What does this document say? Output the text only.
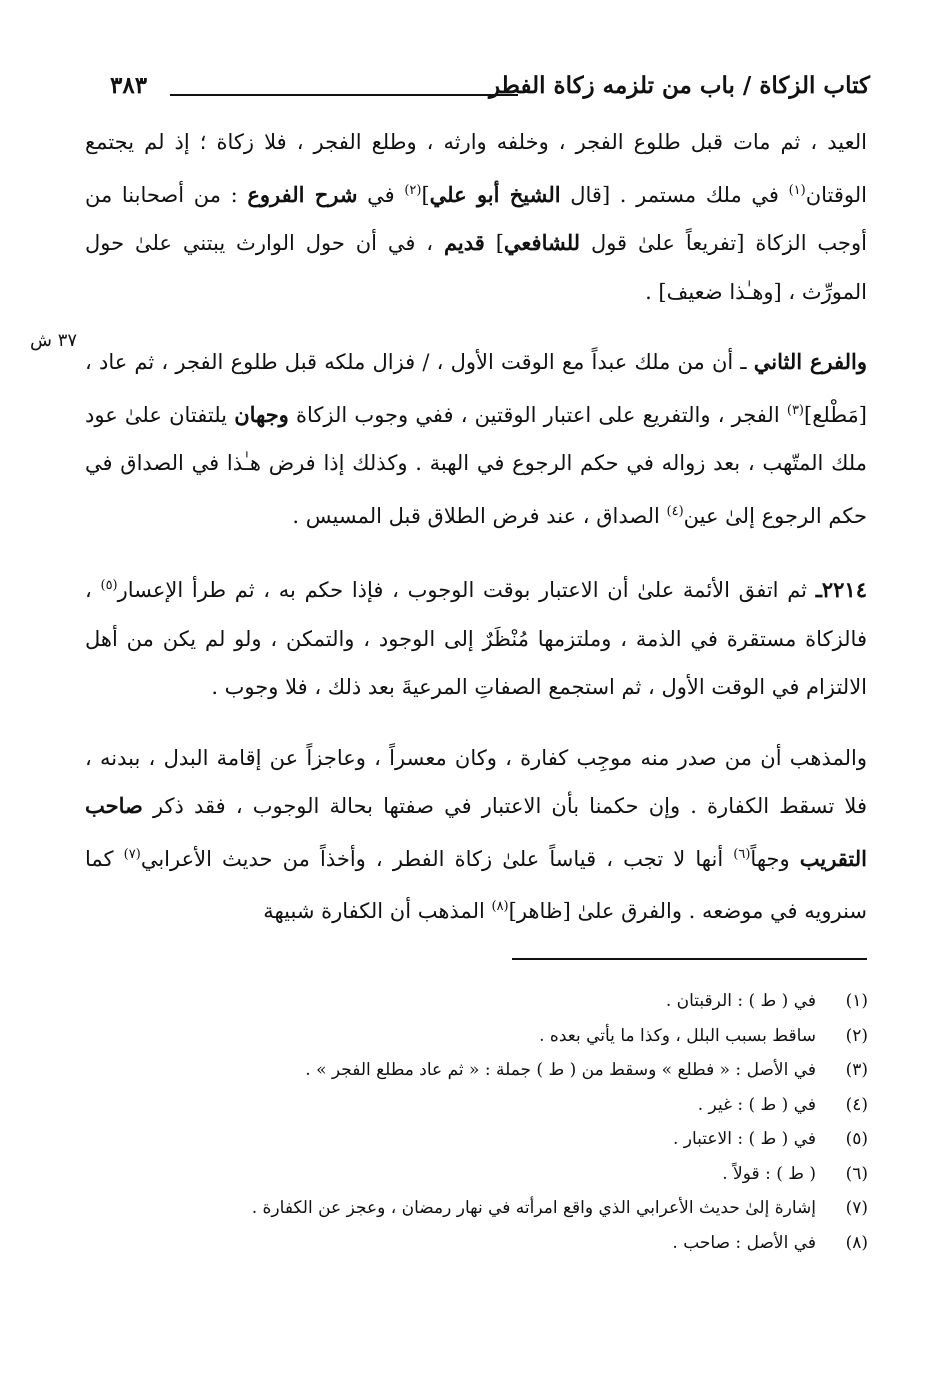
كتاب الزكاة / باب من تلزمه زكاة الفطر
٣٨٣
٣٧ ش

العيد ، ثم مات قبل طلوع الفجر ، وخلفه وارثه ، وطلع الفجر ، فلا زكاة ؛ إذ لم يجتمع الوقتان$^{(١)}$ في ملك مستمر . [قال الشيخ أبو علي]$^{(٢)}$ في شرح الفروع : من أصحابنا من أوجب الزكاة [تفريعاً علىٰ قول للشافعي] قديم ، في أن حول الوارث يبتني علىٰ حول المورِّث ، [وهـٰذا ضعيف] .

والفرع الثاني ـ أن من ملك عبداً مع الوقت الأول ، / فزال ملكه قبل طلوع الفجر ، ثم عاد ، [مَطْلع]$^{(٣)}$ الفجر ، والتفريع على اعتبار الوقتين ، ففي وجوب الزكاة وجهان يلتفتان علىٰ عود ملك المتّهب ، بعد زواله في حكم الرجوع في الهبة . وكذلك إذا فرض هـٰذا في الصداق في حكم الرجوع إلىٰ عين$^{(٤)}$ الصداق ، عند فرض الطلاق قبل المسيس .

٢٢١٤ـ ثم اتفق الأئمة علىٰ أن الاعتبار بوقت الوجوب ، فإذا حكم به ، ثم طرأ الإعسار$^{(٥)}$ ، فالزكاة مستقرة في الذمة ، وملتزمها مُنْظَرٌ إلى الوجود ، والتمكن ، ولو لم يكن من أهل الالتزام في الوقت الأول ، ثم استجمع الصفاتِ المرعيةَ بعد ذلك ، فلا وجوب .

والمذهب أن من صدر منه موجِب كفارة ، وكان معسراً ، وعاجزاً عن إقامة البدل ، ببدنه ، فلا تسقط الكفارة . وإن حكمنا بأن الاعتبار في صفتها بحالة الوجوب ، فقد ذكر صاحب التقريب وجهاً$^{(٦)}$ أنها لا تجب ، قياساً علىٰ زكاة الفطر ، وأخذاً من حديث الأعرابي$^{(٧)}$ كما سنرويه في موضعه . والفرق علىٰ [ظاهر]$^{(٨)}$ المذهب أن الكفارة شبيهة

(١)في ( ط ) : الرقبتان .
(٢)ساقط بسبب البلل ، وكذا ما يأتي بعده .
(٣)في الأصل : « فطلع » وسقط من ( ط ) جملة : « ثم عاد مطلع الفجر » .
(٤)في ( ط ) : غير .
(٥)في ( ط ) : الاعتبار .
(٦)( ط ) : قولاً .
(٧)إشارة إلىٰ حديث الأعرابي الذي واقع امرأته في نهار رمضان ، وعجز عن الكفارة .
(٨)في الأصل : صاحب .
